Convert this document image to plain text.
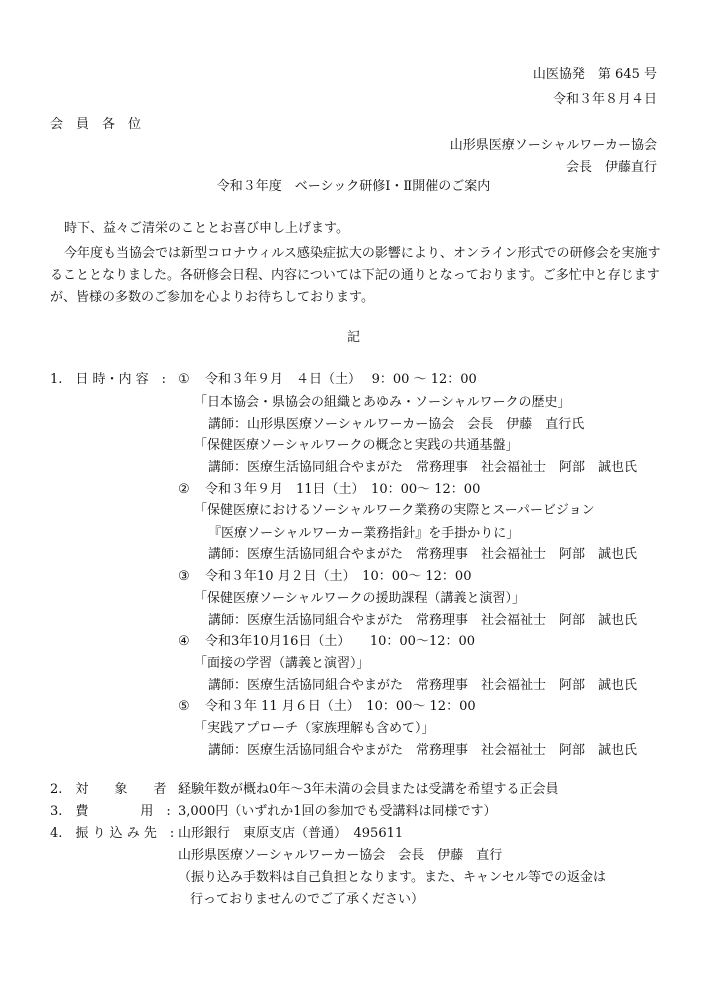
山医協発　第 645 号
令和３年８月４日
会　員　各　位
山形県医療ソーシャルワーカー協会
会長　伊藤直行
令和３年度　ベーシック研修Ⅰ・Ⅱ開催のご案内
時下、益々ご清栄のこととお喜び申し上げます。
今年度も当協会では新型コロナウィルス感染症拡大の影響により、オンライン形式での研修会を実施す
ることとなりました。各研修会日程、内容については下記の通りとなっております。ご多忙中と存じます
が、皆様の多数のご参加を心よりお待ちしております。
記
1.　日 時・内 容　: ① 令和３年９月　４日（土）　 9：00 ～ 12：00
「日本協会・県協会の組織とあゆみ・ソーシャルワークの歴史」
講師：山形県医療ソーシャルワーカー協会　会長　伊藤　直行氏
「保健医療ソーシャルワークの概念と実践の共通基盤」
講師：医療生活協同組合やまがた　常務理事　社会福祉士　阿部　誠也氏
② 令和３年９月　11日（土）　10：00～ 12：00
「保健医療におけるソーシャルワーク業務の実際とスーパービジョン
『医療ソーシャルワーカー業務指針』を手掛かりに」
講師：医療生活協同組合やまがた　常務理事　社会福祉士　阿部　誠也氏
③ 令和３年10 月２日（土）　10：00～ 12：00
「保健医療ソーシャルワークの援助課程（講義と演習）」
講師：医療生活協同組合やまがた　常務理事　社会福祉士　阿部　誠也氏
④ 令和3年10月16日（土）　　10：00～12：00
「面接の学習（講義と演習）」
講師：医療生活協同組合やまがた　常務理事　社会福祉士　阿部　誠也氏
⑤ 令和３年 11 月６日（土）　10：00～ 12：00
「実践アプローチ（家族理解も含めて）」
講師：医療生活協同組合やまがた　常務理事　社会福祉士　阿部　誠也氏
2.　対　　象　　者　:
経験年数が概ね0年～3年未満の会員または受講を希望する正会員
3.　費　　　　用　: 3,000円（いずれか1回の参加でも受講料は同様です）
4.　振 り 込 み 先　: 山形銀行　東原支店（普通）　495611
山形県医療ソーシャルワーカー協会　会長　伊藤　直行
（振り込み手数料は自己負担となります。また、キャンセル等での返金は
行っておりませんのでご了承ください）
